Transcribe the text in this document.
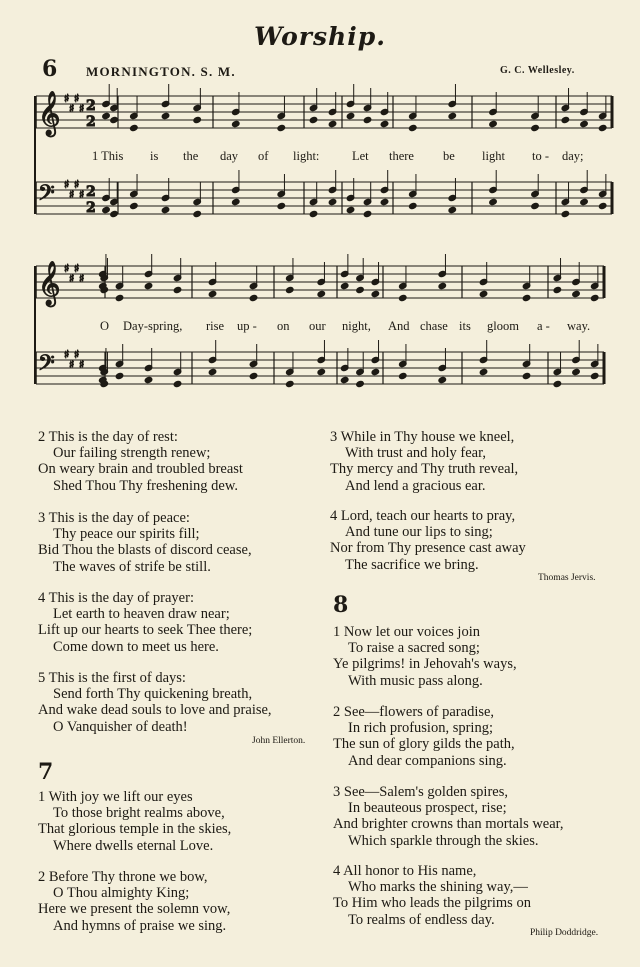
Worship.
6 MORNINGTON. S. M.	G. C. Wellesley.
𝄞 ♯
♯
♯
♯ 2
2
𝄢 ♯
♯
♯
♯ 2
2
𝄞 ♯
♯
♯
♯
𝄢 ♯
♯
♯
♯
1 This is the day of light:	Let there be light to - day;
O Day-spring, rise up - on our night, And chase its gloom a - way.
2 This is the day of rest:
Our failing strength renew;
On weary brain and troubled breast
Shed Thou Thy freshening dew.
3 This is the day of peace:
Thy peace our spirits fill;
Bid Thou the blasts of discord cease,
The waves of strife be still.
4 This is the day of prayer:
Let earth to heaven draw near;
Lift up our hearts to seek Thee there;
Come down to meet us here.
5 This is the first of days:
Send forth Thy quickening breath,
And wake dead souls to love and praise,
O Vanquisher of death!
John Ellerton.
7
1 With joy we lift our eyes
To those bright realms above,
That glorious temple in the skies,
Where dwells eternal Love.
2 Before Thy throne we bow,
O Thou almighty King;
Here we present the solemn vow,
And hymns of praise we sing.
3 While in Thy house we kneel,
With trust and holy fear,
Thy mercy and Thy truth reveal,
And lend a gracious ear.
4 Lord, teach our hearts to pray,
And tune our lips to sing;
Nor from Thy presence cast away
The sacrifice we bring.
Thomas Jervis.
8
1 Now let our voices join
To raise a sacred song;
Ye pilgrims! in Jehovah's ways,
With music pass along.
2 See—flowers of paradise,
In rich profusion, spring;
The sun of glory gilds the path,
And dear companions sing.
3 See—Salem's golden spires,
In beauteous prospect, rise;
And brighter crowns than mortals wear,
Which sparkle through the skies.
4 All honor to His name,
Who marks the shining way,—
To Him who leads the pilgrims on
To realms of endless day.
Philip Doddridge.
